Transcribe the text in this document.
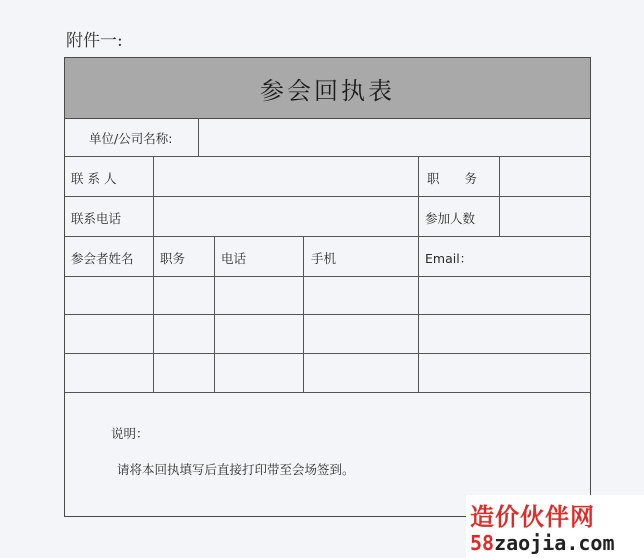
附件一:
参会回执表
单位/公司名称:
联 系 人	职　　务
联系电话	参加人数
参会者姓名 职务	电话	手机	Email：
说明：
请将本回执填写后直接打印带至会场签到。
造价伙伴网
58zaojia.com
